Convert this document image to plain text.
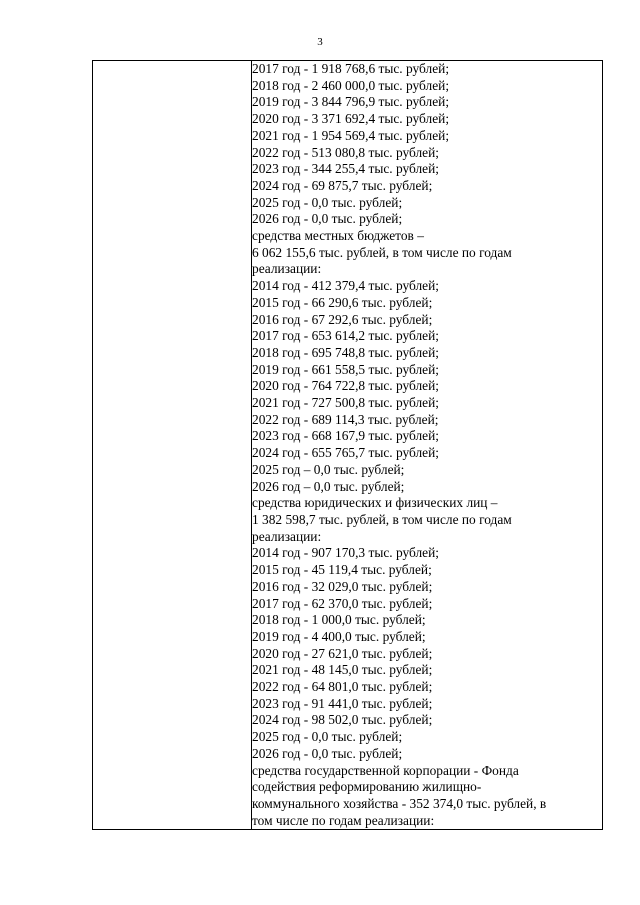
3

2017 год - 1 918 768,6 тыс. рублей;
2018 год - 2 460 000,0 тыс. рублей;
2019 год - 3 844 796,9 тыс. рублей;
2020 год - 3 371 692,4 тыс. рублей;
2021 год - 1 954 569,4 тыс. рублей;
2022 год - 513 080,8 тыс. рублей;
2023 год - 344 255,4 тыс. рублей;
2024 год - 69 875,7 тыс. рублей;
2025 год - 0,0 тыс. рублей;
2026 год - 0,0 тыс. рублей;
средства местных бюджетов –
6 062 155,6 тыс. рублей, в том числе по годам
реализации:
2014 год - 412 379,4 тыс. рублей;
2015 год - 66 290,6 тыс. рублей;
2016 год - 67 292,6 тыс. рублей;
2017 год - 653 614,2 тыс. рублей;
2018 год - 695 748,8 тыс. рублей;
2019 год - 661 558,5 тыс. рублей;
2020 год - 764 722,8 тыс. рублей;
2021 год - 727 500,8 тыс. рублей;
2022 год - 689 114,3 тыс. рублей;
2023 год - 668 167,9 тыс. рублей;
2024 год - 655 765,7 тыс. рублей;
2025 год – 0,0 тыс. рублей;
2026 год – 0,0 тыс. рублей;
средства юридических и физических лиц –
1 382 598,7 тыс. рублей, в том числе по годам
реализации:
2014 год - 907 170,3 тыс. рублей;
2015 год - 45 119,4 тыс. рублей;
2016 год - 32 029,0 тыс. рублей;
2017 год - 62 370,0 тыс. рублей;
2018 год - 1 000,0 тыс. рублей;
2019 год - 4 400,0 тыс. рублей;
2020 год - 27 621,0 тыс. рублей;
2021 год - 48 145,0 тыс. рублей;
2022 год - 64 801,0 тыс. рублей;
2023 год - 91 441,0 тыс. рублей;
2024 год - 98 502,0 тыс. рублей;
2025 год - 0,0 тыс. рублей;
2026 год - 0,0 тыс. рублей;
средства государственной корпорации - Фонда
содействия реформированию жилищно-
коммунального хозяйства - 352 374,0 тыс. рублей, в
том числе по годам реализации:
